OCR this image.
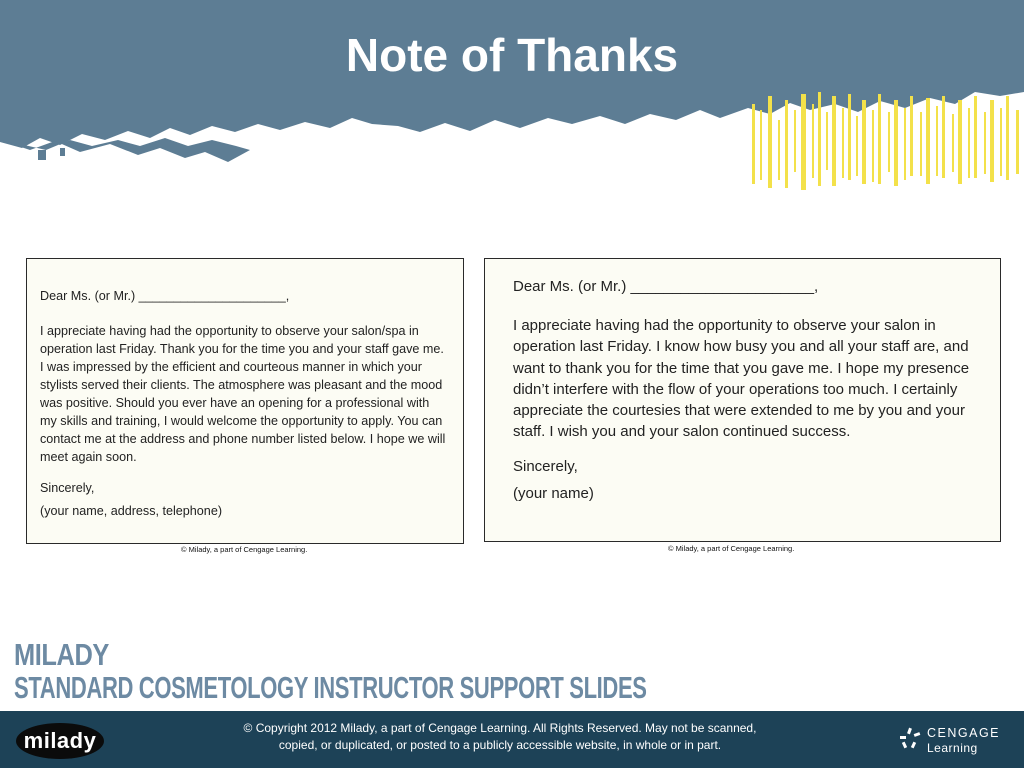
Note of Thanks

Dear Ms. (or Mr.) _____________________,

I appreciate having had the opportunity to observe your salon/spa in operation last Friday. Thank you for the time you and your staff gave me. I was impressed by the efficient and courteous manner in which your stylists served their clients. The atmosphere was pleasant and the mood was positive. Should you ever have an opening for a professional with my skills and training, I would welcome the opportunity to apply. You can contact me at the address and phone number listed below. I hope we will meet again soon.

Sincerely,

(your name, address, telephone)

© Milady, a part of Cengage Learning.

Dear Ms. (or Mr.) ______________________,

I appreciate having had the opportunity to observe your salon in operation last Friday. I know how busy you and all your staff are, and want to thank you for the time that you gave me. I hope my presence didn’t interfere with the flow of your operations too much. I certainly appreciate the courtesies that were extended to me by you and your staff. I wish you and your salon continued success.

Sincerely,

(your name)

© Milady, a part of Cengage Learning.
MILADY
STANDARD COSMETOLOGY INSTRUCTOR SUPPORT SLIDES
milady	© Copyright 2012 Milady, a part of Cengage Learning. All Rights Reserved. May not be scanned,
copied, or duplicated, or posted to a publicly accessible website, in whole or in part.
CENGAGE
Learning
